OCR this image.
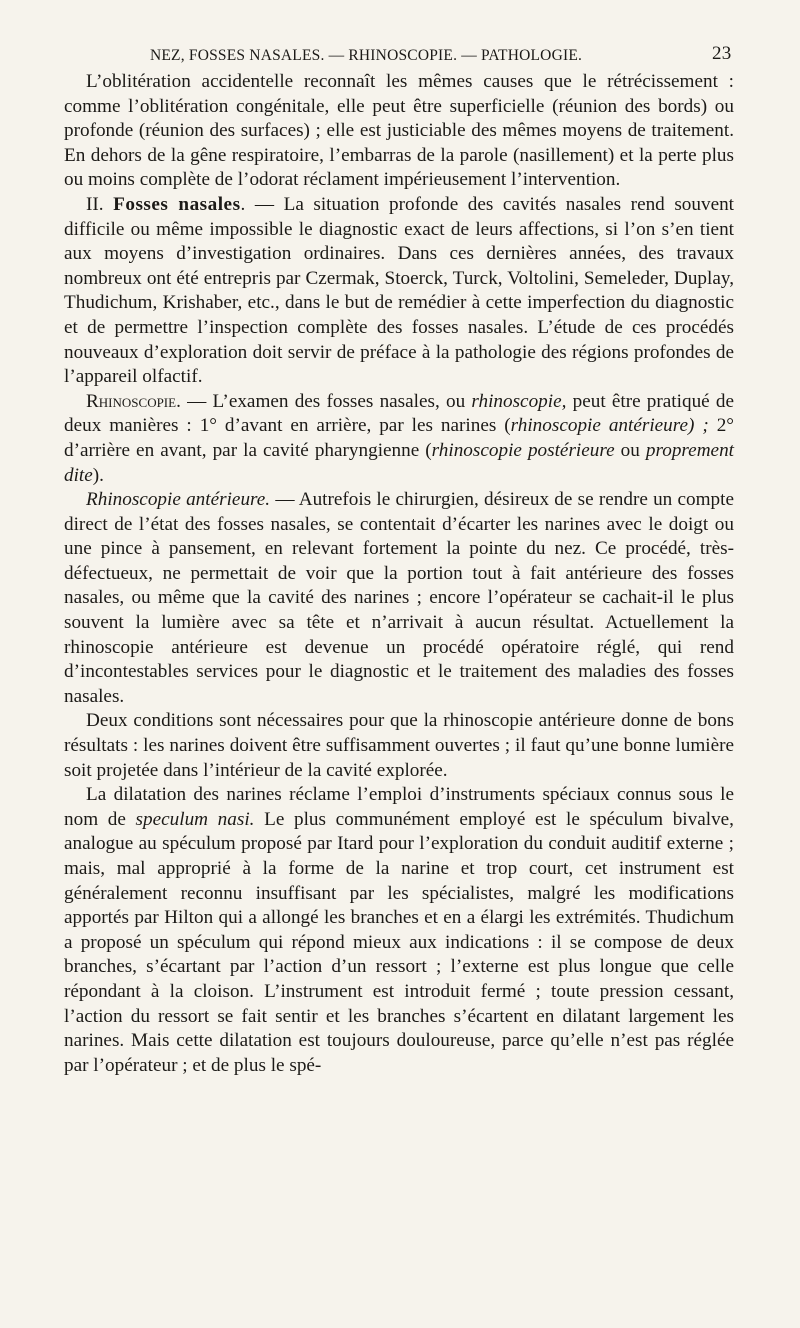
NEZ, FOSSES NASALES. — RHINOSCOPIE. — PATHOLOGIE.	23

L’oblitération accidentelle reconnaît les mêmes causes que le rétrécissement : comme l’oblitération congénitale, elle peut être superficielle (réunion des bords) ou profonde (réunion des surfaces) ; elle est justiciable des mêmes moyens de traitement. En dehors de la gêne respiratoire, l’embarras de la parole (nasillement) et la perte plus ou moins complète de l’odorat réclament impérieusement l’intervention.

II. Fosses nasales. — La situation profonde des cavités nasales rend souvent difficile ou même impossible le diagnostic exact de leurs affections, si l’on s’en tient aux moyens d’investigation ordinaires. Dans ces dernières années, des travaux nombreux ont été entrepris par Czermak, Stoerck, Turck, Voltolini, Semeleder, Duplay, Thudichum, Krishaber, etc., dans le but de remédier à cette imperfection du diagnostic et de permettre l’inspection complète des fosses nasales. L’étude de ces procédés nouveaux d’exploration doit servir de préface à la pathologie des régions profondes de l’appareil olfactif.

Rhinoscopie. — L’examen des fosses nasales, ou rhinoscopie, peut être pratiqué de deux manières : 1° d’avant en arrière, par les narines (rhinoscopie antérieure) ; 2° d’arrière en avant, par la cavité pharyngienne (rhinoscopie postérieure ou proprement dite).

Rhinoscopie antérieure. — Autrefois le chirurgien, désireux de se rendre un compte direct de l’état des fosses nasales, se contentait d’écarter les narines avec le doigt ou une pince à pansement, en relevant fortement la pointe du nez. Ce procédé, très-défectueux, ne permettait de voir que la portion tout à fait antérieure des fosses nasales, ou même que la cavité des narines ; encore l’opérateur se cachait-il le plus souvent la lumière avec sa tête et n’arrivait à aucun résultat. Actuellement la rhinoscopie antérieure est devenue un procédé opératoire réglé, qui rend d’incontestables services pour le diagnostic et le traitement des maladies des fosses nasales.

Deux conditions sont nécessaires pour que la rhinoscopie antérieure donne de bons résultats : les narines doivent être suffisamment ouvertes ; il faut qu’une bonne lumière soit projetée dans l’intérieur de la cavité explorée.

La dilatation des narines réclame l’emploi d’instruments spéciaux connus sous le nom de speculum nasi. Le plus communément employé est le spéculum bivalve, analogue au spéculum proposé par Itard pour l’exploration du conduit auditif externe ; mais, mal approprié à la forme de la narine et trop court, cet instrument est généralement reconnu insuffisant par les spécialistes, malgré les modifications apportés par Hilton qui a allongé les branches et en a élargi les extrémités. Thudichum a proposé un spéculum qui répond mieux aux indications : il se compose de deux branches, s’écartant par l’action d’un ressort ; l’externe est plus longue que celle répondant à la cloison. L’instrument est introduit fermé ; toute pression cessant, l’action du ressort se fait sentir et les branches s’écartent en dilatant largement les narines. Mais cette dilatation est toujours douloureuse, parce qu’elle n’est pas réglée par l’opérateur ; et de plus le spé-
